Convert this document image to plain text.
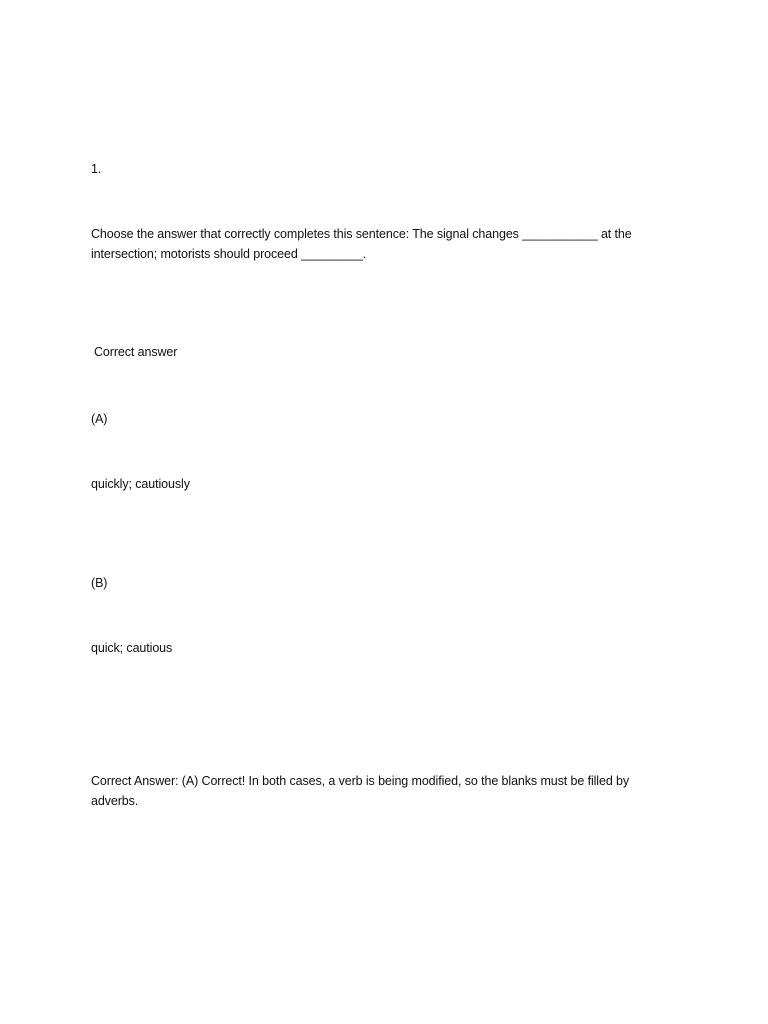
1.
Choose the answer that correctly completes this sentence: The signal changes ___________ at the intersection; motorists should proceed _________.
Correct answer
(A)
quickly; cautiously
(B)
quick; cautious
Correct Answer: (A) Correct! In both cases, a verb is being modified, so the blanks must be filled by adverbs.
